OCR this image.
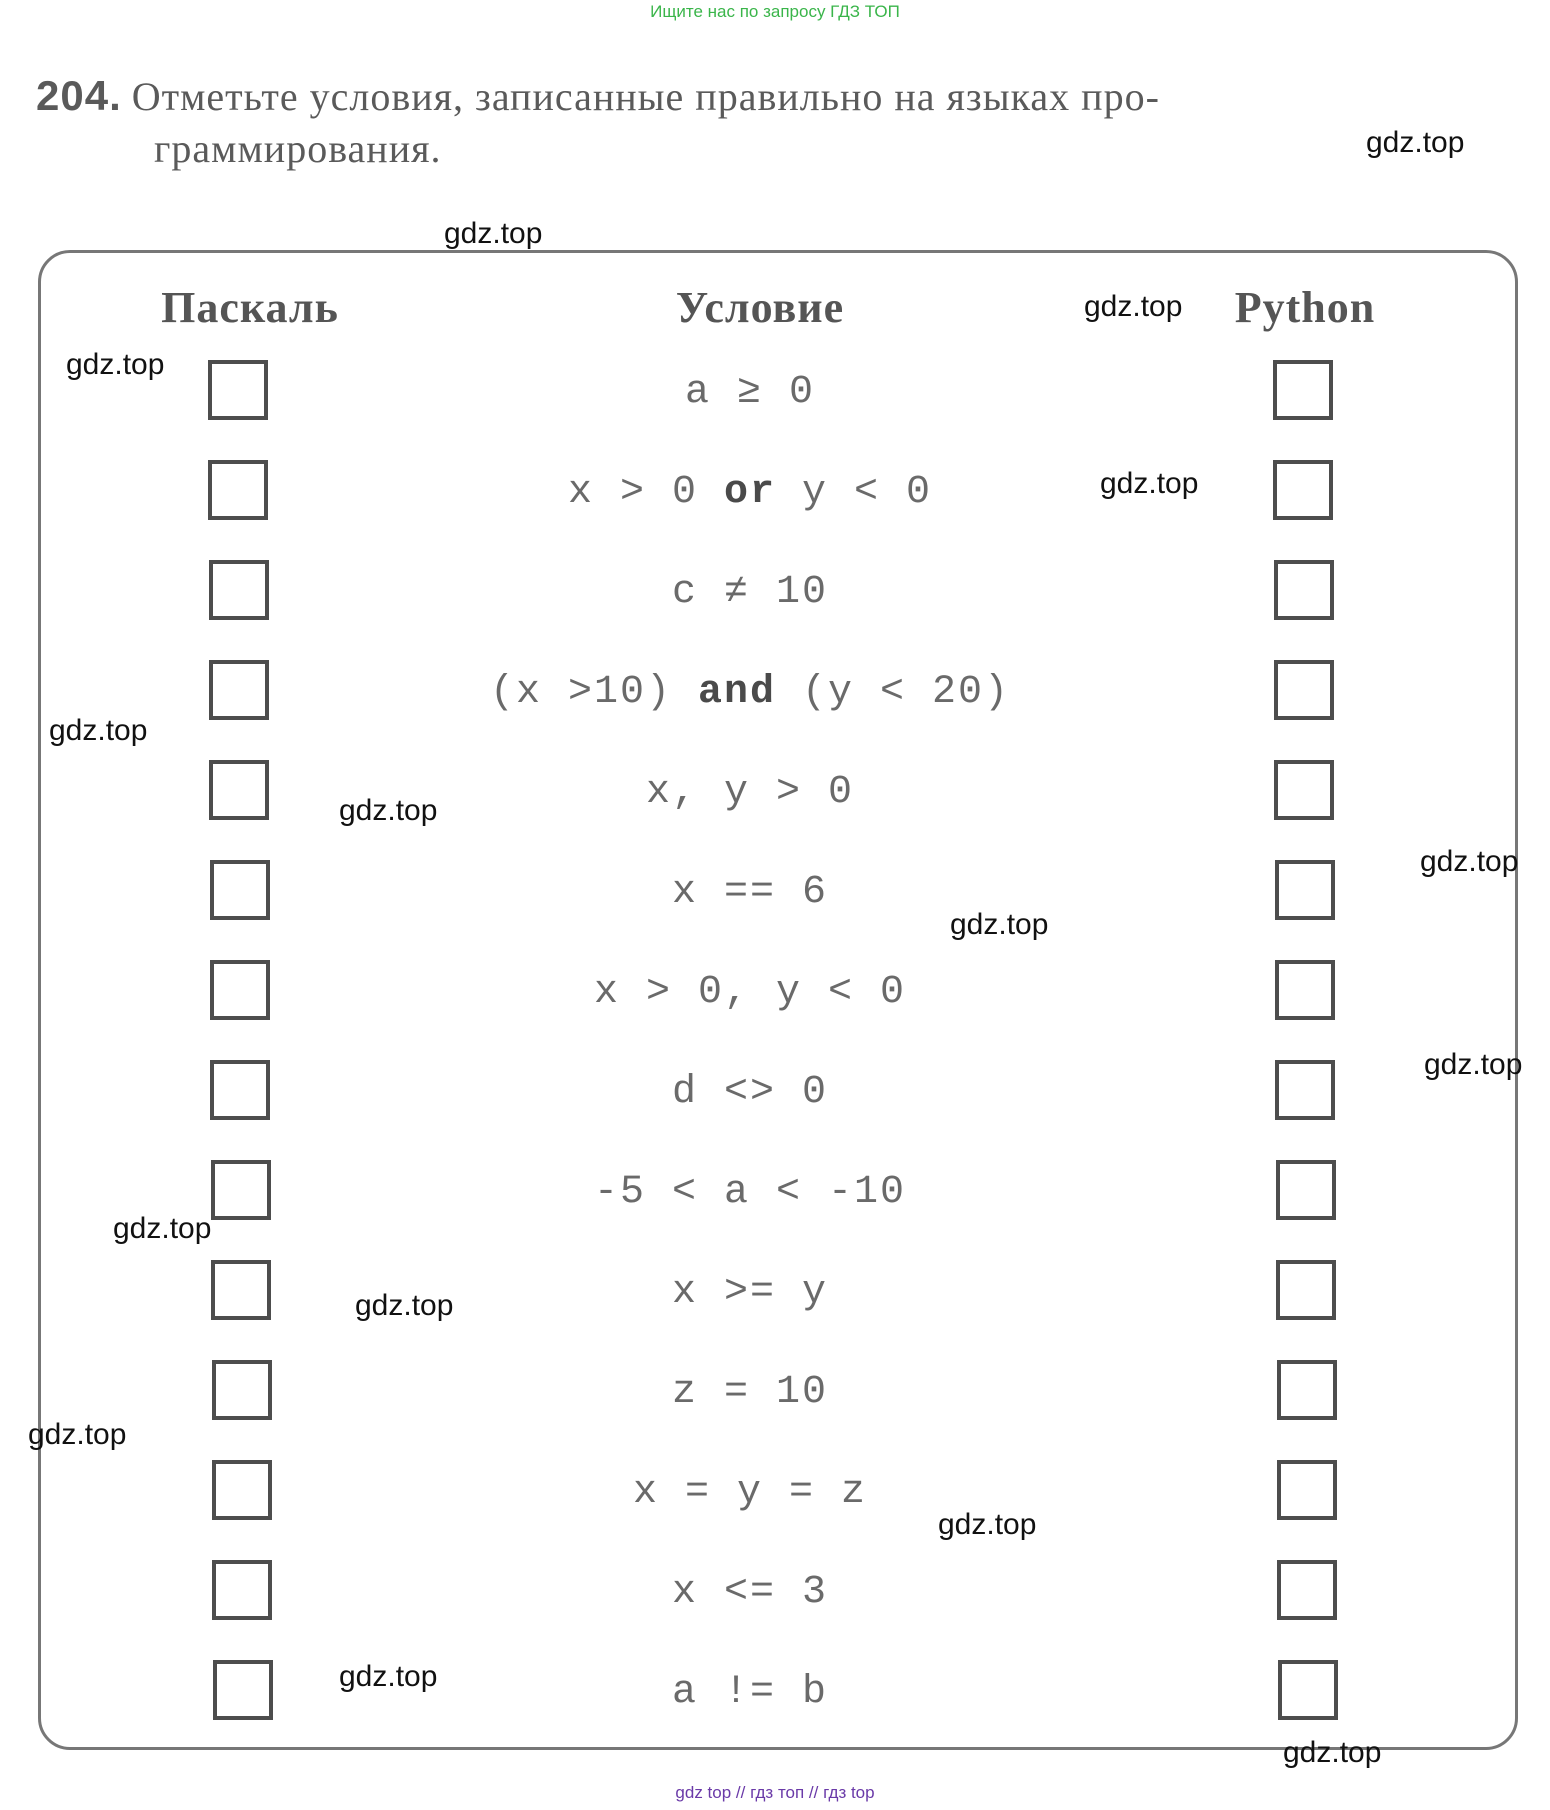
Ищите нас по запросу ГДЗ ТОП
204. Отметьте условия, записанные правильно на языках про-
граммирования.
Паскаль	Условие	Python
a ≥ 0
x > 0 or y < 0
c ≠ 10
(x >10) and (y < 20)
x, y > 0
x == 6
x > 0, y < 0
d <> 0
-5 < a < -10
x >= y
z = 10
x = y = z
x <= 3
a != b
gdz.top
gdz.top
gdz.top
gdz.top
gdz.top
gdz.top
gdz.top
gdz.top
gdz.top
gdz.top
gdz.top
gdz.top
gdz.top
gdz.top
gdz.top
gdz.top
gdz top // гдз топ // гдз top
